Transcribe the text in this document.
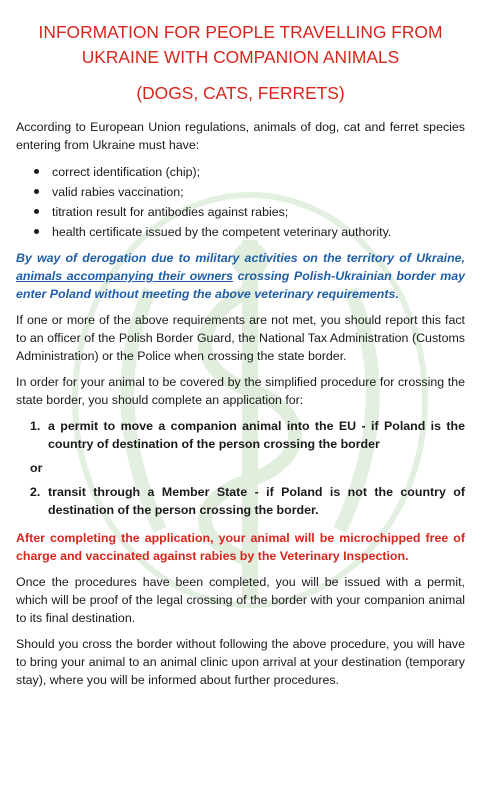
INFORMATION FOR PEOPLE TRAVELLING FROM UKRAINE WITH COMPANION ANIMALS
(DOGS, CATS, FERRETS)

According to European Union regulations, animals of dog, cat and ferret species entering from Ukraine must have:

correct identification (chip);
valid rabies vaccination;
titration result for antibodies against rabies;
health certificate issued by the competent veterinary authority.

By way of derogation due to military activities on the territory of Ukraine, animals accompanying their owners crossing Polish-Ukrainian border may enter Poland without meeting the above veterinary requirements.

If one or more of the above requirements are not met, you should report this fact to an officer of the Polish Border Guard, the National Tax Administration (Customs Administration) or the Police when crossing the state border.

In order for your animal to be covered by the simplified procedure for crossing the state border, you should complete an application for:

1. a permit to move a companion animal into the EU - if Poland is the country of destination of the person crossing the border
or
2. transit through a Member State - if Poland is not the country of destination of the person crossing the border.

After completing the application, your animal will be microchipped free of charge and vaccinated against rabies by the Veterinary Inspection.

Once the procedures have been completed, you will be issued with a permit, which will be proof of the legal crossing of the border with your companion animal to its final destination.

Should you cross the border without following the above procedure, you will have to bring your animal to an animal clinic upon arrival at your destination (temporary stay), where you will be informed about further procedures.
